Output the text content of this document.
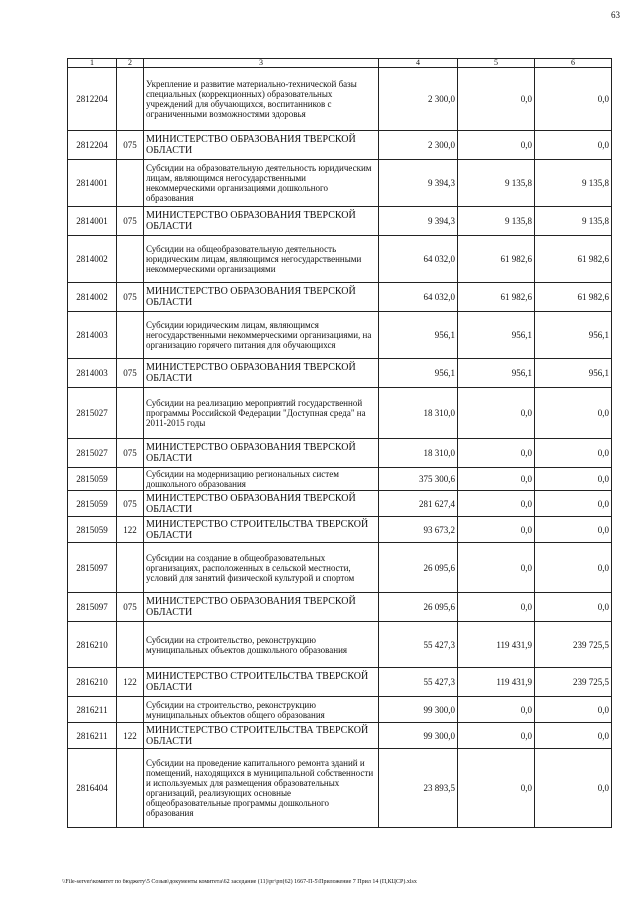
63
1	2	3	4	5	6
2812204		Укрепление и развитие материально-технической базы специальных (коррекционных) образовательных учреждений для обучающихся, воспитанников с ограниченными возможностями здоровья	2 300,0	0,0	0,0
2812204	075	МИНИСТЕРСТВО ОБРАЗОВАНИЯ ТВЕРСКОЙ ОБЛАСТИ	2 300,0	0,0	0,0
2814001		Субсидии на образовательную деятельность юридическим лицам, являющимся негосударственными некоммерческими организациями дошкольного образования	9 394,3	9 135,8	9 135,8
2814001	075	МИНИСТЕРСТВО ОБРАЗОВАНИЯ ТВЕРСКОЙ ОБЛАСТИ	9 394,3	9 135,8	9 135,8
2814002		Субсидии на общеобразовательную деятельность юридическим лицам, являющимся негосударственными некоммерческими организациями	64 032,0	61 982,6	61 982,6
2814002	075	МИНИСТЕРСТВО ОБРАЗОВАНИЯ ТВЕРСКОЙ ОБЛАСТИ	64 032,0	61 982,6	61 982,6
2814003		Субсидии юридическим лицам, являющимся негосударственными некоммерческими организациями, на организацию горячего питания для обучающихся	956,1	956,1	956,1
2814003	075	МИНИСТЕРСТВО ОБРАЗОВАНИЯ ТВЕРСКОЙ ОБЛАСТИ	956,1	956,1	956,1
2815027		Субсидии на реализацию мероприятий государственной программы Российской Федерации "Доступная среда" на 2011-2015 годы	18 310,0	0,0	0,0
2815027	075	МИНИСТЕРСТВО ОБРАЗОВАНИЯ ТВЕРСКОЙ ОБЛАСТИ	18 310,0	0,0	0,0
2815059		Субсидии на модернизацию региональных систем дошкольного образования	375 300,6	0,0	0,0
2815059	075	МИНИСТЕРСТВО ОБРАЗОВАНИЯ ТВЕРСКОЙ ОБЛАСТИ	281 627,4	0,0	0,0
2815059	122	МИНИСТЕРСТВО СТРОИТЕЛЬСТВА ТВЕРСКОЙ ОБЛАСТИ	93 673,2	0,0	0,0
2815097		Субсидии на создание в общеобразовательных организациях, расположенных в сельской местности, условий для занятий физической культурой и спортом	26 095,6	0,0	0,0
2815097	075	МИНИСТЕРСТВО ОБРАЗОВАНИЯ ТВЕРСКОЙ ОБЛАСТИ	26 095,6	0,0	0,0
2816210		Субсидии на строительство, реконструкцию муниципальных объектов дошкольного образования	55 427,3	119 431,9	239 725,5
2816210	122	МИНИСТЕРСТВО СТРОИТЕЛЬСТВА ТВЕРСКОЙ ОБЛАСТИ	55 427,3	119 431,9	239 725,5
2816211		Субсидии на строительство, реконструкцию муниципальных объектов общего образования	99 300,0	0,0	0,0
2816211	122	МИНИСТЕРСТВО СТРОИТЕЛЬСТВА ТВЕРСКОЙ ОБЛАСТИ	99 300,0	0,0	0,0
2816404		Субсидии на проведение капитального ремонта зданий и помещений, находящихся в муниципальной собственности и используемых для размещения образовательных организаций, реализующих основные общеобразовательные программы дошкольного образования	23 893,5	0,0	0,0
\\File-server\комитет по бюджету\5 Созыв\документы комитета\62 заседание (11)\рг\рп(62) 1667-П-5\Приложение 7 Прил 14 (П,КЦСР).xlsx
